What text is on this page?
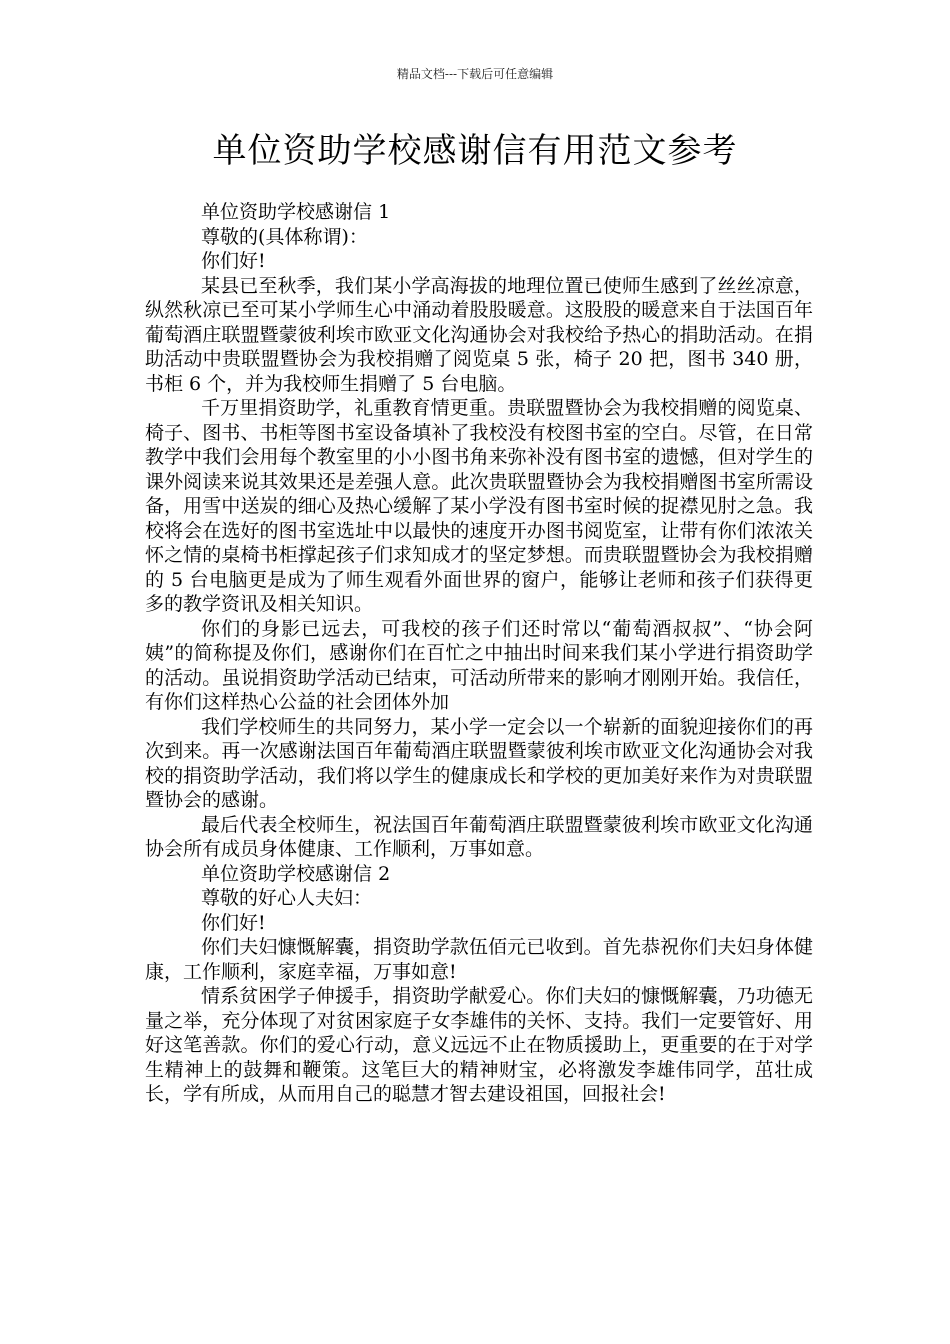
精品文档---下载后可任意编辑
单位资助学校感谢信有用范文参考

单位资助学校感谢信 1

尊敬的(具体称谓)：

你们好!

某县已至秋季，我们某小学高海拔的地理位置已使师生感到了丝丝凉意，纵然秋凉已至可某小学师生心中涌动着股股暖意。这股股的暖意来自于法国百年葡萄酒庄联盟暨蒙彼利埃市欧亚文化沟通协会对我校给予热心的捐助活动。在捐助活动中贵联盟暨协会为我校捐赠了阅览桌 5 张，椅子 20 把，图书 340 册，书柜 6 个，并为我校师生捐赠了 5 台电脑。

千万里捐资助学，礼重教育情更重。贵联盟暨协会为我校捐赠的阅览桌、椅子、图书、书柜等图书室设备填补了我校没有校图书室的空白。尽管，在日常教学中我们会用每个教室里的小小图书角来弥补没有图书室的遗憾，但对学生的课外阅读来说其效果还是差强人意。此次贵联盟暨协会为我校捐赠图书室所需设备，用雪中送炭的细心及热心缓解了某小学没有图书室时候的捉襟见肘之急。我校将会在选好的图书室选址中以最快的速度开办图书阅览室，让带有你们浓浓关怀之情的桌椅书柜撑起孩子们求知成才的坚定梦想。而贵联盟暨协会为我校捐赠的 5 台电脑更是成为了师生观看外面世界的窗户，能够让老师和孩子们获得更多的教学资讯及相关知识。

你们的身影已远去，可我校的孩子们还时常以“葡萄酒叔叔”、“协会阿姨”的简称提及你们，感谢你们在百忙之中抽出时间来我们某小学进行捐资助学的活动。虽说捐资助学活动已结束，可活动所带来的影响才刚刚开始。我信任，有你们这样热心公益的社会团体外加

我们学校师生的共同努力，某小学一定会以一个崭新的面貌迎接你们的再次到来。再一次感谢法国百年葡萄酒庄联盟暨蒙彼利埃市欧亚文化沟通协会对我校的捐资助学活动，我们将以学生的健康成长和学校的更加美好来作为对贵联盟暨协会的感谢。

最后代表全校师生，祝法国百年葡萄酒庄联盟暨蒙彼利埃市欧亚文化沟通协会所有成员身体健康、工作顺利，万事如意。

单位资助学校感谢信 2

尊敬的好心人夫妇：

你们好!

你们夫妇慷慨解囊，捐资助学款伍佰元已收到。首先恭祝你们夫妇身体健康，工作顺利，家庭幸福，万事如意!

情系贫困学子伸援手，捐资助学献爱心。你们夫妇的慷慨解囊，乃功德无量之举，充分体现了对贫困家庭子女李雄伟的关怀、支持。我们一定要管好、用好这笔善款。你们的爱心行动，意义远远不止在物质援助上，更重要的在于对学生精神上的鼓舞和鞭策。这笔巨大的精神财宝，必将激发李雄伟同学，茁壮成长，学有所成，从而用自己的聪慧才智去建设祖国，回报社会!
